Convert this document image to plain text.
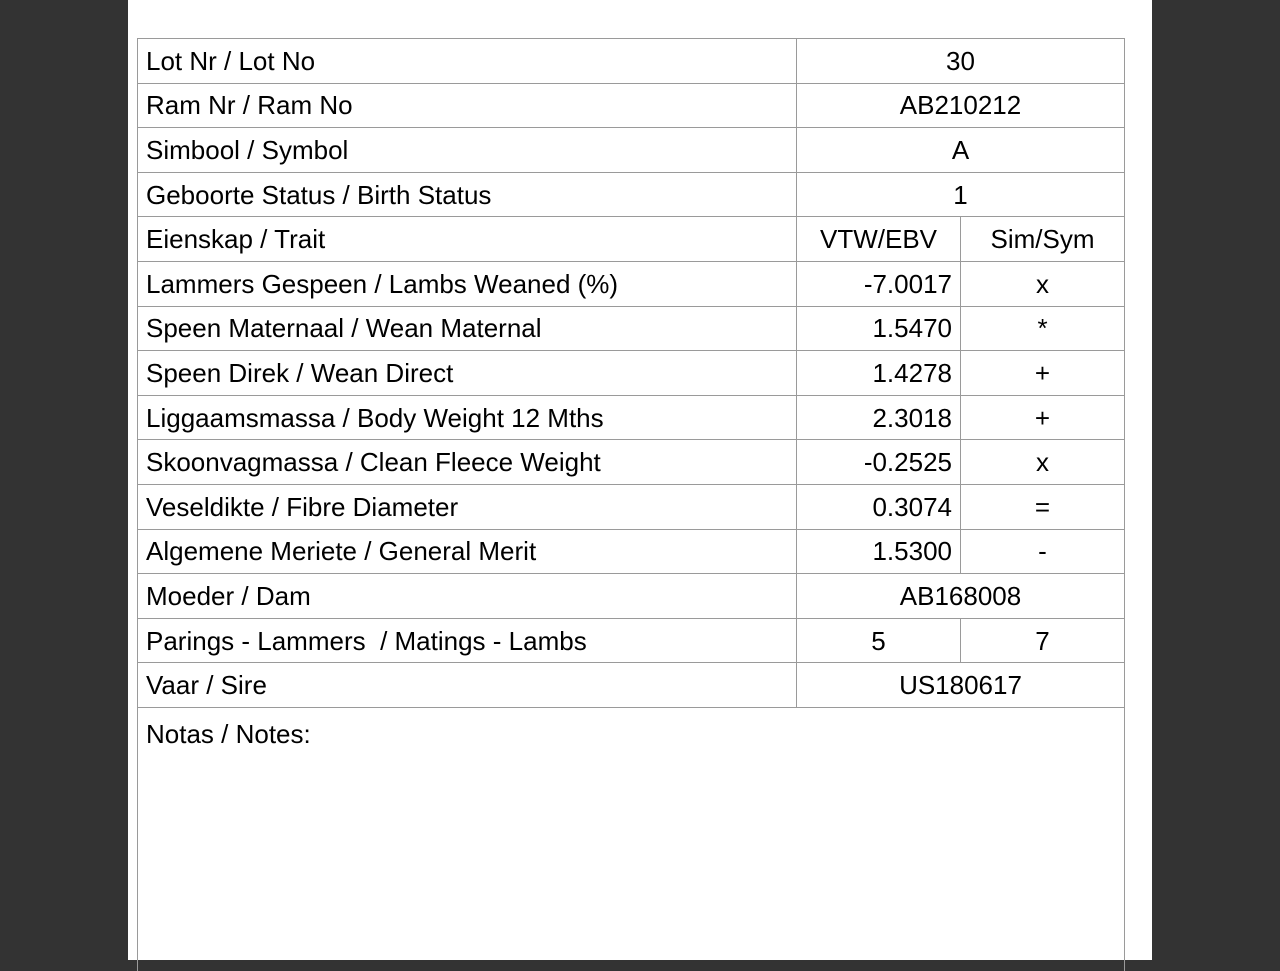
Lot Nr / Lot No	30	
Ram Nr / Ram No	AB210212	
Simbool / Symbol	A	
Geboorte Status / Birth Status	1	
Eienskap / Trait	VTW/EBV	Sim/Sym
Lammers Gespeen / Lambs Weaned (%)	-7.0017	x
Speen Maternaal / Wean Maternal	1.5470	*
Speen Direk / Wean Direct	1.4278	+
Liggaamsmassa / Body Weight 12 Mths	2.3018	+
Skoonvagmassa / Clean Fleece Weight	-0.2525	x
Veseldikte / Fibre Diameter	0.3074	=
Algemene Meriete / General Merit	1.5300	-
Moeder / Dam	AB168008	
Parings - Lammers  / Matings - Lambs	5	7
Vaar / Sire	US180617	
Notas / Notes:		
